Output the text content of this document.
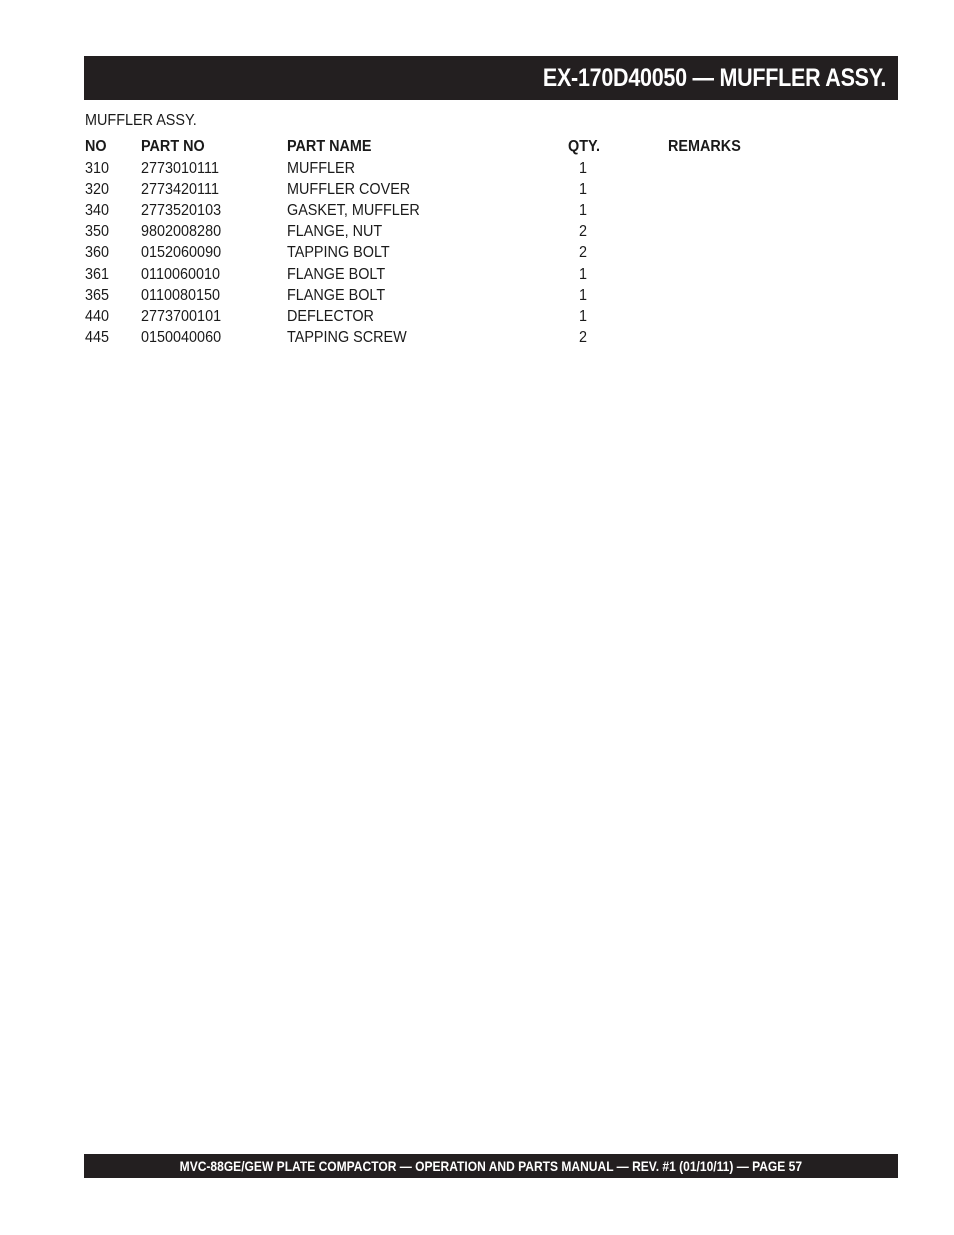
EX-170D40050 — MUFFLER ASSY.
MUFFLER ASSY.
NO	PART NO	PART NAME	QTY.	REMARKS
310	2773010111	MUFFLER	1	
320	2773420111	MUFFLER COVER	1	
340	2773520103	GASKET, MUFFLER	1	
350	9802008280	FLANGE, NUT	2	
360	0152060090	TAPPING BOLT	2	
361	0110060010	FLANGE BOLT	1	
365	0110080150	FLANGE BOLT	1	
440	2773700101	DEFLECTOR	1	
445	0150040060	TAPPING SCREW	2	
MVC-88GE/GEW PLATE COMPACTOR — OPERATION AND PARTS MANUAL — REV. #1 (01/10/11) — PAGE 57
